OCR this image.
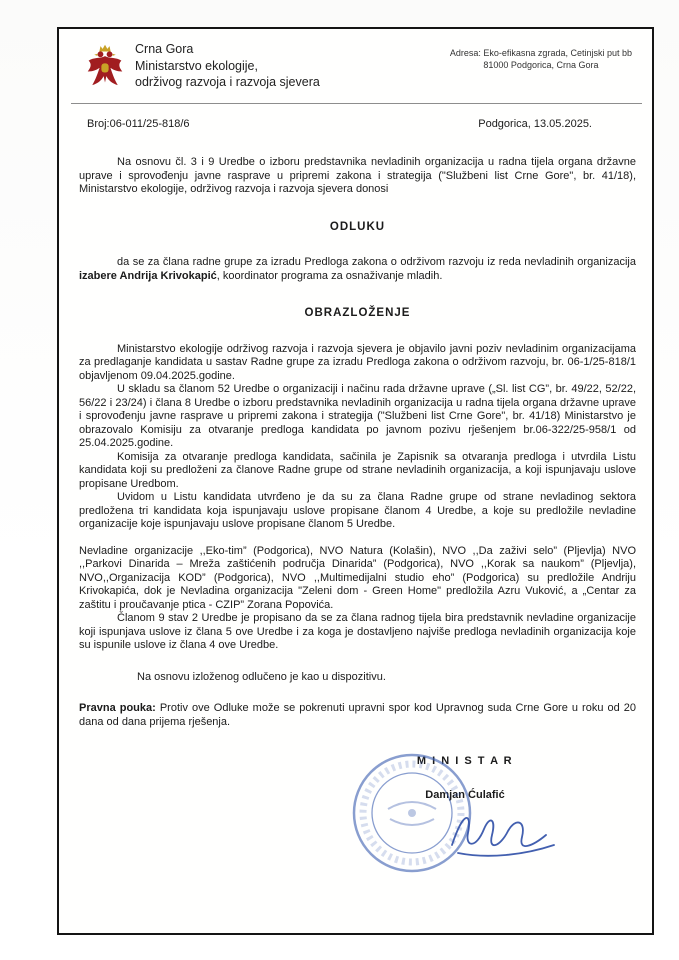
Crna Gora
Ministarstvo ekologije,
održivog razvoja i razvoja sjevera
Adresa: Eko-efikasna zgrada, Cetinjski put bb
81000 Podgorica, Crna Gora
Broj:06-011/25-818/6	Podgorica, 13.05.2025.

Na osnovu čl. 3 i 9 Uredbe o izboru predstavnika nevladinih organizacija u radna tijela organa državne uprave i sprovođenju javne rasprave u pripremi zakona i strategija ("Službeni list Crne Gore", br. 41/18), Ministarstvo ekologije, održivog razvoja i razvoja sjevera donosi

ODLUKU

da se za člana radne grupe za izradu Predloga zakona o održivom razvoju iz reda nevladinih organizacija izabere Andrija Krivokapić, koordinator programa za osnaživanje mladih.

OBRAZLOŽENJE

Ministarstvo ekologije održivog razvoja i razvoja sjevera je objavilo javni poziv nevladinim organizacijama za predlaganje kandidata u sastav Radne grupe za izradu Predloga zakona o održivom razvoju, br. 06-1/25-818/1 objavljenom 09.04.2025.godine.

U skladu sa članom 52 Uredbe o organizaciji i načinu rada državne uprave („Sl. list CG”, br. 49/22, 52/22, 56/22 i 23/24) i člana 8 Uredbe o izboru predstavnika nevladinih organizacija u radna tijela organa državne uprave i sprovođenju javne rasprave u pripremi zakona i strategija ("Službeni list Crne Gore", br. 41/18) Ministarstvo je obrazovalo Komisiju za otvaranje predloga kandidata po javnom pozivu rješenjem br.06-322/25-958/1 od 25.04.2025.godine.

Komisija za otvaranje predloga kandidata, sačinila je Zapisnik sa otvaranja predloga i utvrdila Listu kandidata koji su predloženi za članove Radne grupe od strane nevladinih organizacija, a koji ispunjavaju uslove propisane Uredbom.

Uvidom u Listu kandidata utvrđeno je da su za člana Radne grupe od strane nevladinog sektora predložena tri kandidata koja ispunjavaju uslove propisane članom 4 Uredbe, a koje su predložile nevladine organizacije koje ispunjavaju uslove propisane članom 5 Uredbe.

Nevladine organizacije ,,Eko-tim” (Podgorica), NVO Natura (Kolašin), NVO ,,Da zaživi selo” (Pljevlja) NVO ,,Parkovi Dinarida – Mreža zaštićenih područja Dinarida” (Podgorica), NVO ,,Korak sa naukom” (Pljevlja), NVO,,Organizacija KOD” (Podgorica), NVO ,,Multimedijalni studio eho” (Podgorica) su predložile Andriju Krivokapića, dok je Nevladina organizacija "Zeleni dom - Green Home" predložila Azru Vuković, a „Centar za zaštitu i proučavanje ptica - CZIP” Zorana Popovića.

Članom 9 stav 2 Uredbe je propisano da se za člana radnog tijela bira predstavnik nevladine organizacije koji ispunjava uslove iz člana 5 ove Uredbe i za koga je dostavljeno najviše predloga nevladinih organizacija koje su ispunile uslove iz člana 4 ove Uredbe.

Na osnovu izloženog odlučeno je kao u dispozitivu.

Pravna pouka: Protiv ove Odluke može se pokrenuti upravni spor kod Upravnog suda Crne Gore u roku od 20 dana od dana prijema rješenja.

M I N I S T A R
Damjan Ćulafić
